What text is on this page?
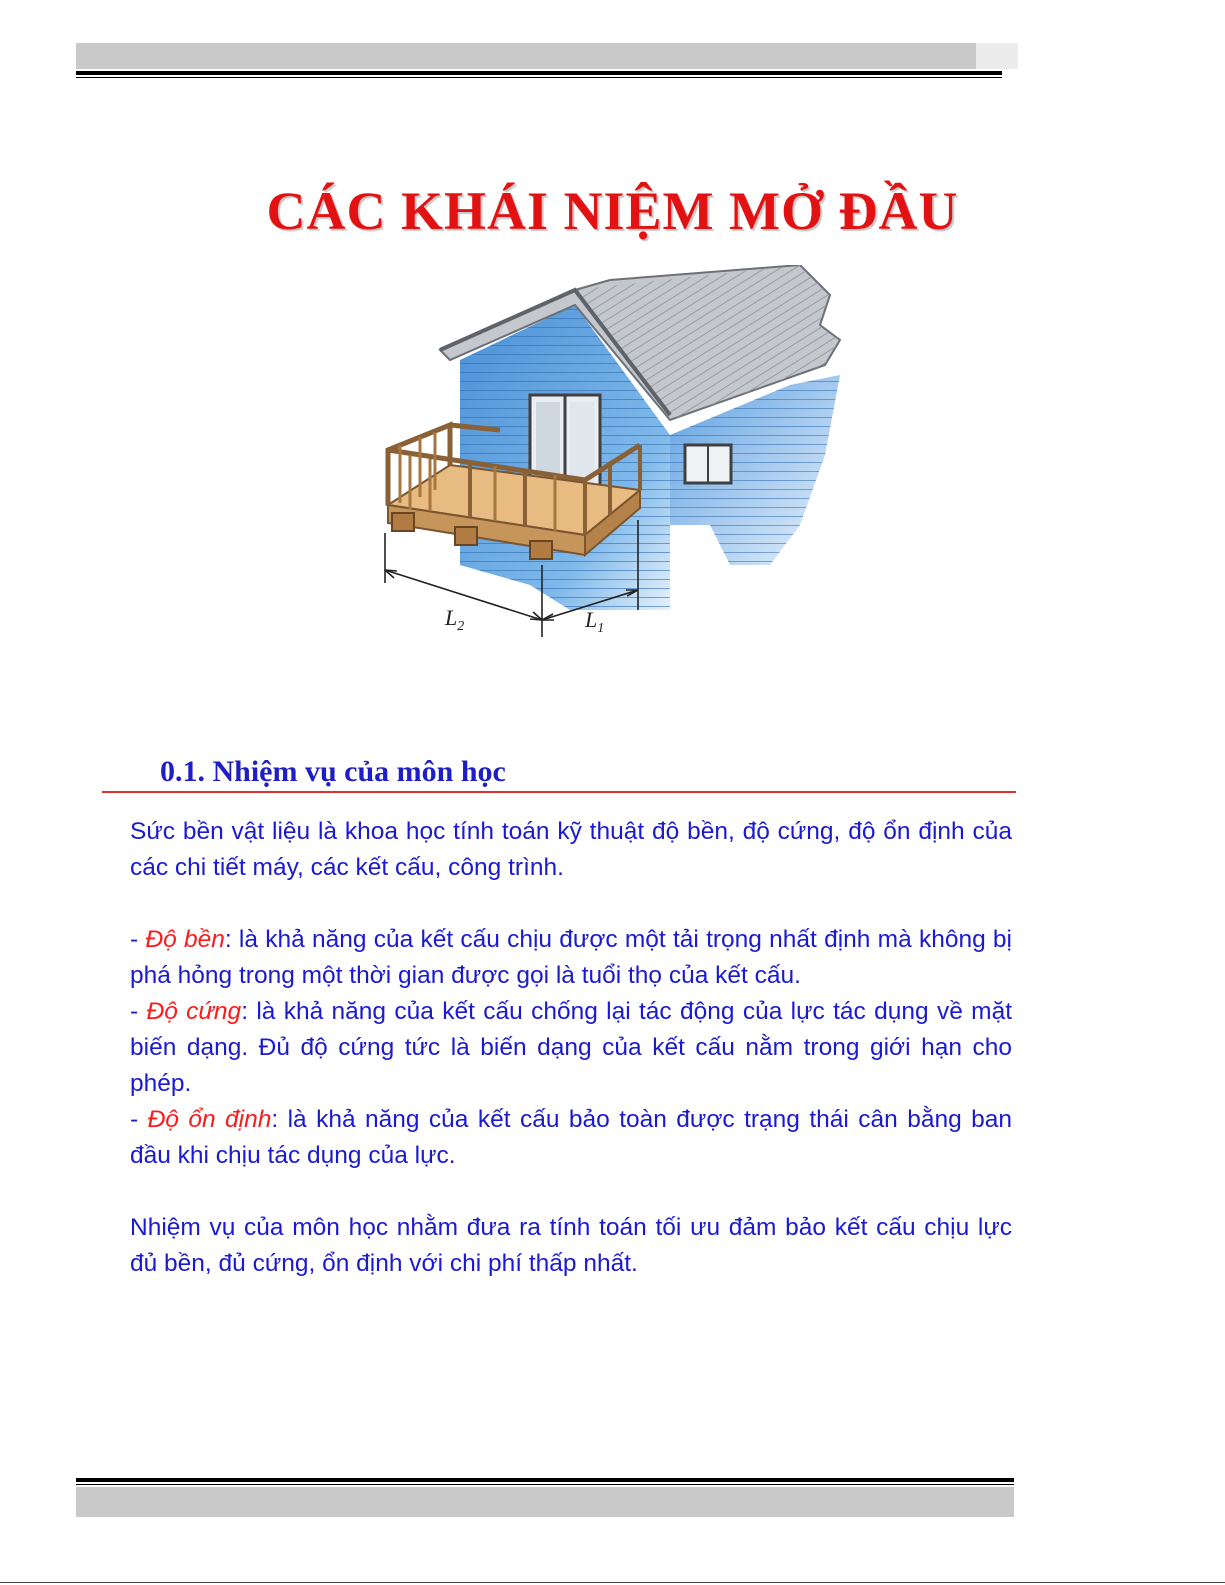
CÁC KHÁI NIỆM MỞ ĐẦU
$L_2$	$L_1$
0.1. Nhiệm vụ của môn học

Sức bền vật liệu là khoa học tính toán kỹ thuật độ bền, độ cứng, độ ổn định của các chi tiết máy, các kết cấu, công trình.

- Độ bền: là khả năng của kết cấu chịu được một tải trọng nhất định mà không bị phá hỏng trong một thời gian được gọi là tuổi thọ của kết cấu.

- Độ cứng: là khả năng của kết cấu chống lại tác động của lực tác dụng về mặt biến dạng. Đủ độ cứng tức là biến dạng của kết cấu nằm trong giới hạn cho phép.

- Độ ổn định: là khả năng của kết cấu bảo toàn được trạng thái cân bằng ban đầu khi chịu tác dụng của lực.

Nhiệm vụ của môn học nhằm đưa ra tính toán tối ưu đảm bảo kết cấu chịu lực đủ bền, đủ cứng, ổn định với chi phí thấp nhất.
